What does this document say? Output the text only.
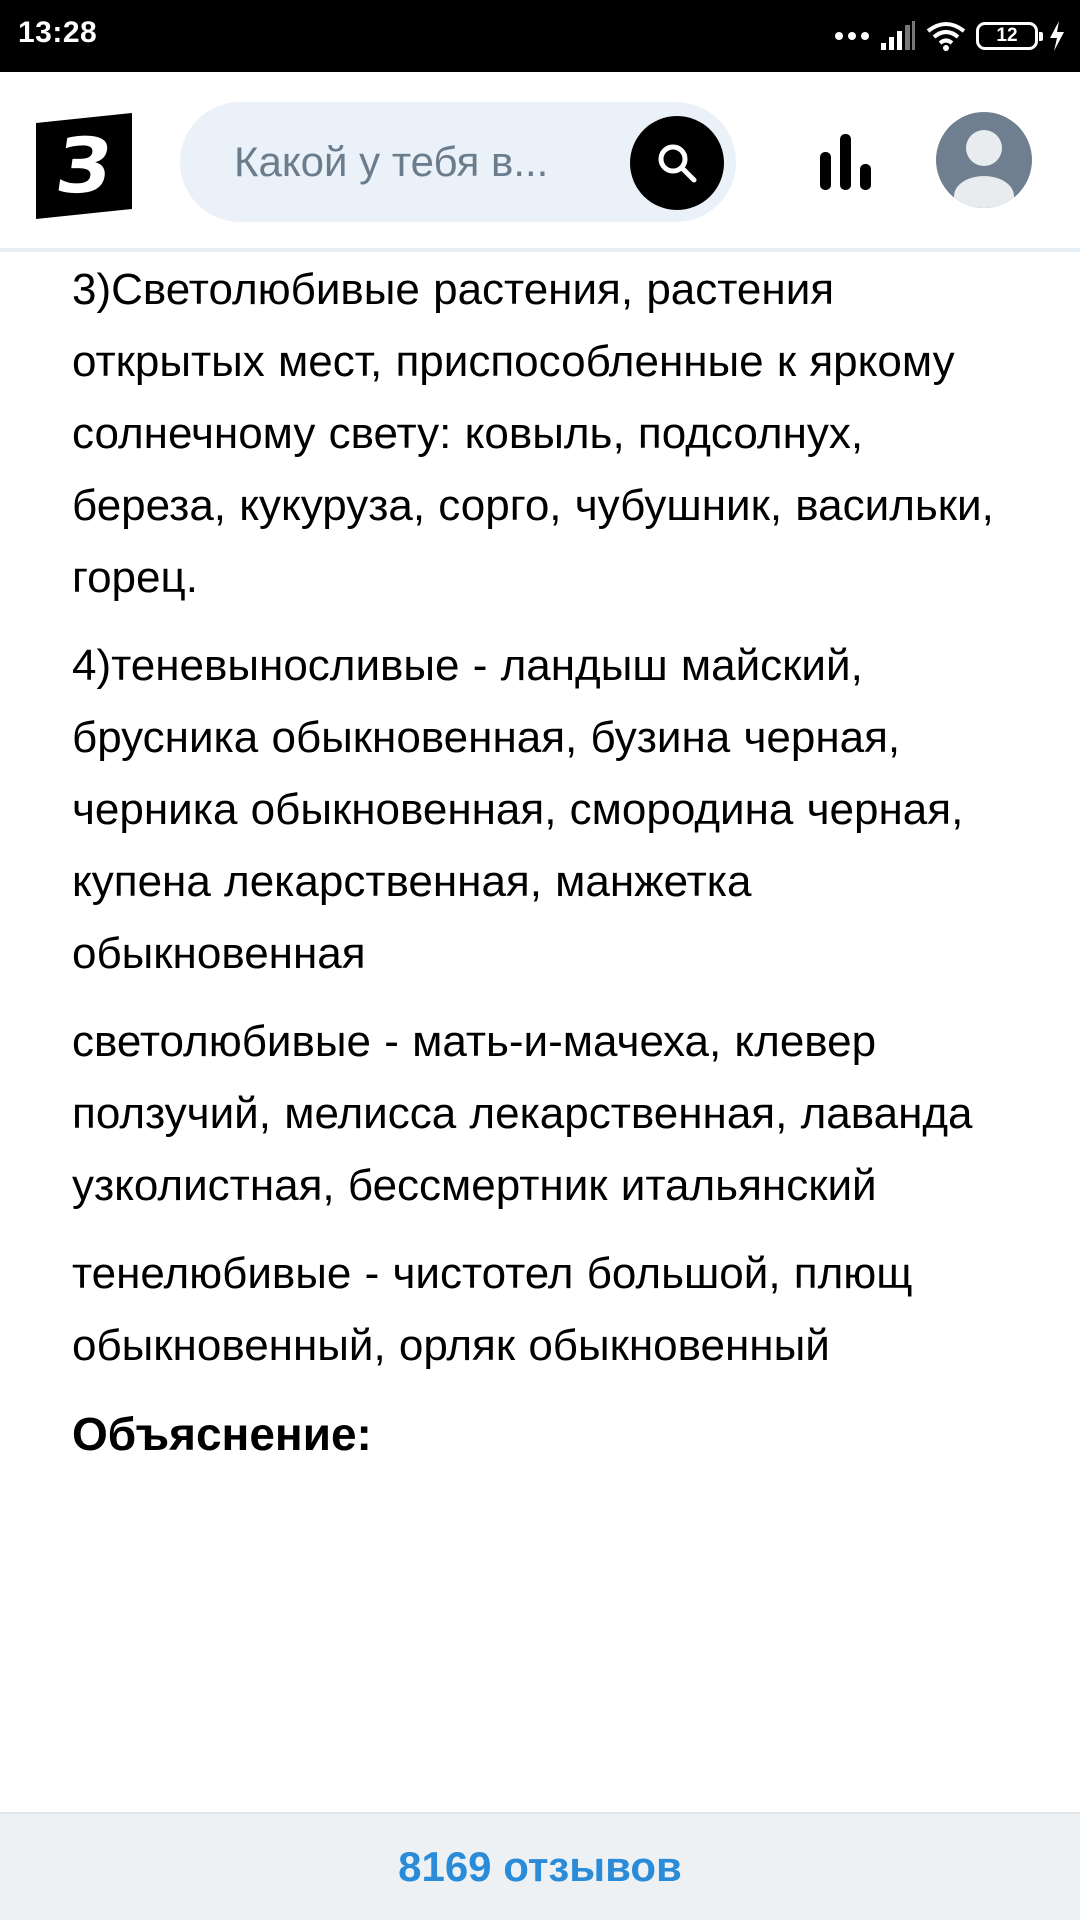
13:28	12
З
Какой у тебя в...

3)Светолюбивые растения, растения открытых мест, приспособленные к яркому солнечному свету: ковыль, подсолнух, береза, кукуруза, сорго, чубушник, васильки, горец.

4)теневыносливые - ландыш майский, брусника обыкновенная, бузина черная, черника обыкновенная, смородина черная, купена лекарственная, манжетка обыкновенная

светолюбивые - мать-и-мачеха, клевер ползучий, мелисса лекарственная, лаванда узколистная, бессмертник итальянский

тенелюбивые - чистотел большой, плющ обыкновенный, орляк обыкновенный

Объяснение:

8169 отзывов
